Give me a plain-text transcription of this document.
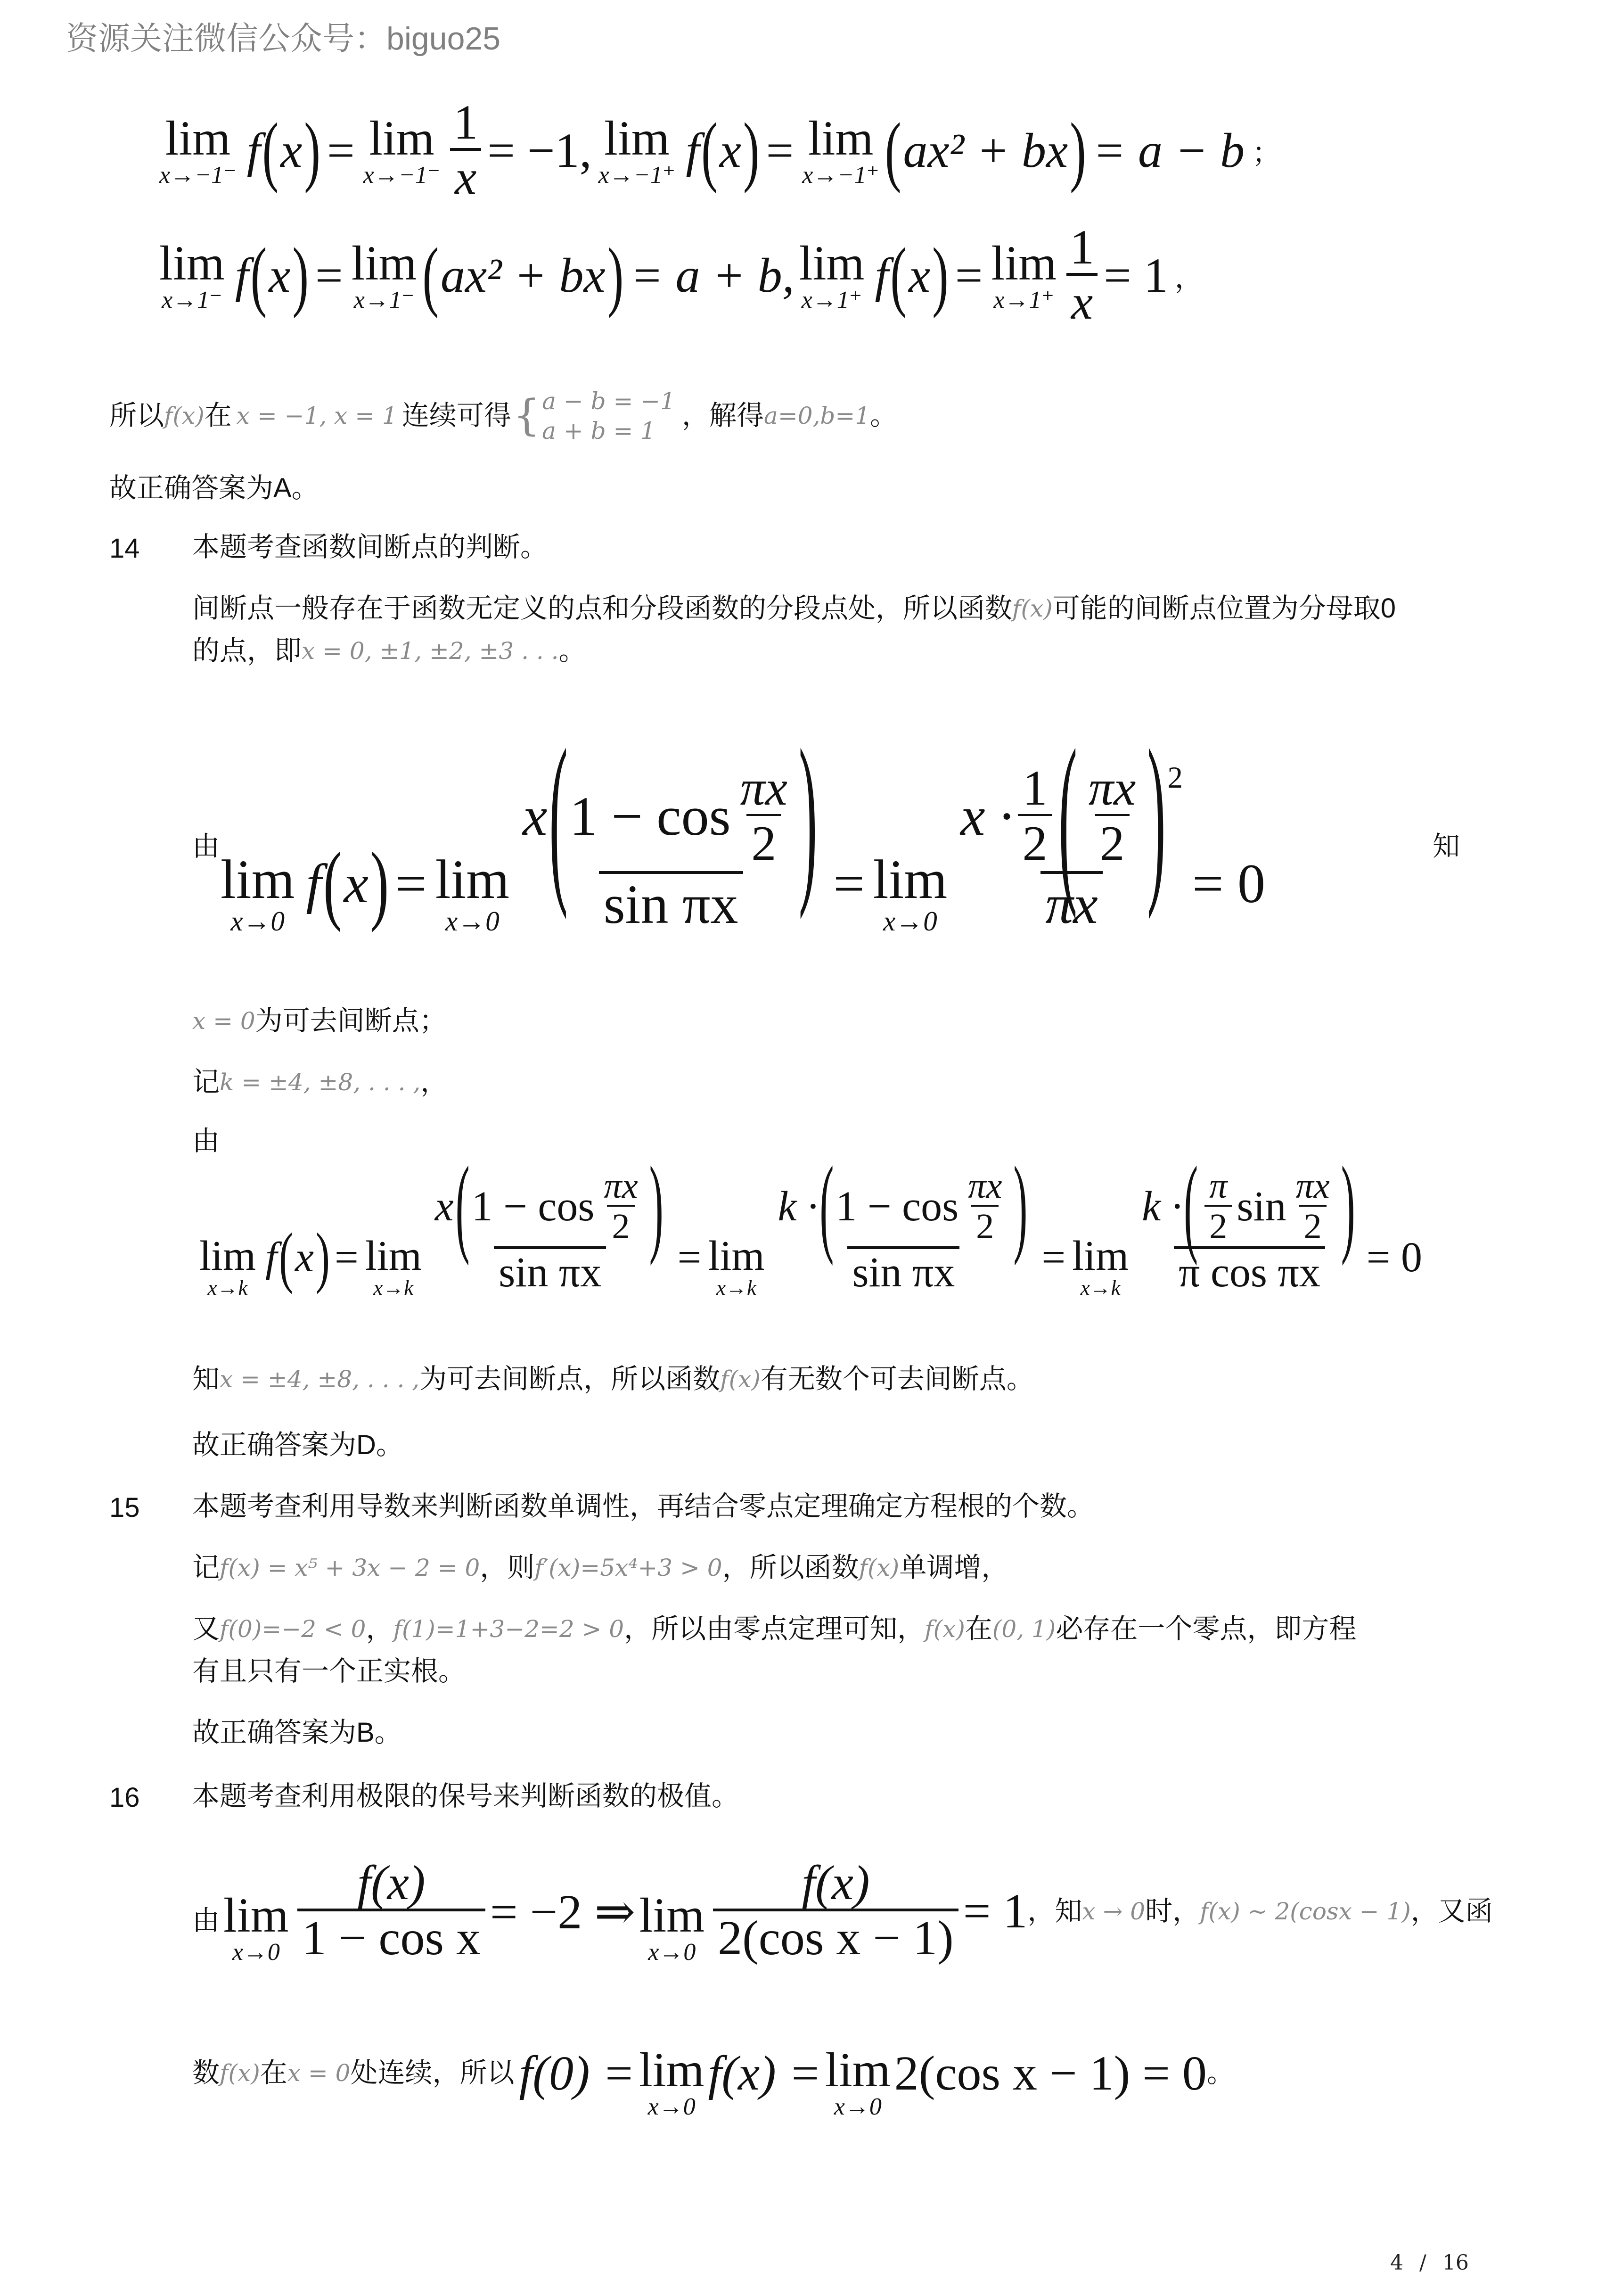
资源关注微信公众号：biguo25
lim
x→−1⁻ f ( x ) = lim
$x\to-1^- \frac{1}{x} = -1$, lim
x→−1⁺ f ( x ) = lim
x→−1⁺ ( ax² + bx ) = a − b ；
lim
x→1⁻ f ( x ) = lim
x→1⁻ ( ax² + bx ) = a + b, lim
x→1⁺ f ( x ) = lim
$x\to 1^+ \frac{1}{x} = 1$ ，
所以 f(x) 在 x = −1, x = 1 连续可得 { a − b = −1
a + b = 1 ，解得 a=0,b=1 。
故正确答案为A。
14 本题考查函数间断点的判断。
间断点一般存在于函数无定义的点和分段函数的分段点处，所以函数 f(x) 可能的间断点位置为分母取0
的点，即 x = 0, ±1, ±2, ±3 . . . 。
由
lim
x→0
f ( x ) = lim
$x\to 0 \frac{x ( 1 - \cos \frac{\pi x}{2} )}{\text{sin πx}} = \lim$
$x\to 0 \frac{x \cdot \frac{1}{2} ( \frac{\pi x}{2} )^2}{\pi x} = 0$
知
x = 0 为可去间断点；
记 k = ±4, ±8, . . . , ，
由
lim
x→k
f ( x ) = lim
$x\to k \frac{x ( 1 - \cos \frac{\pi x}{2} )}{\text{sin πx}} = \lim$
$x\to k \frac{k \cdot ( 1 - \cos \frac{\pi x}{2} )}{\text{sin πx}} = \lim$
$x\to k \frac{k \cdot ( \frac{\pi}{2} \sin \frac{\pi x}{2} )}{\text{π cos πx}} = 0$
知 x = ±4, ±8, . . . , 为可去间断点，所以函数 f(x) 有无数个可去间断点。
故正确答案为D。
15 本题考查利用导数来判断函数单调性，再结合零点定理确定方程根的个数。
记 f(x) = x⁵ + 3x − 2 = 0 ，则 f′(x)=5x⁴+3 > 0 ，所以函数 f(x) 单调增，
又 f(0)=−2 < 0 ， f(1)=1+3−2=2 > 0 ，所以由零点定理可知， f(x) 在 (0, 1) 必存在一个零点，即方程
有且只有一个正实根。
故正确答案为B。
16 本题考查利用极限的保号来判断函数的极值。
由 lim
$x\to 0 \frac{f(x)}{\text{1 − cos x}} = -2$ ⇒ lim
$x\to 0 \frac{f(x)}{\text{2(cos x − 1)}} = 1$ ，知 x → 0 时， f(x) ~ 2(cosx − 1) ，又函
数 f(x) 在 x = 0 处连续，所以 f(0) = lim
x→0
f(x) = lim
x→0
2(cos x − 1) = 0 。
4 / 16
